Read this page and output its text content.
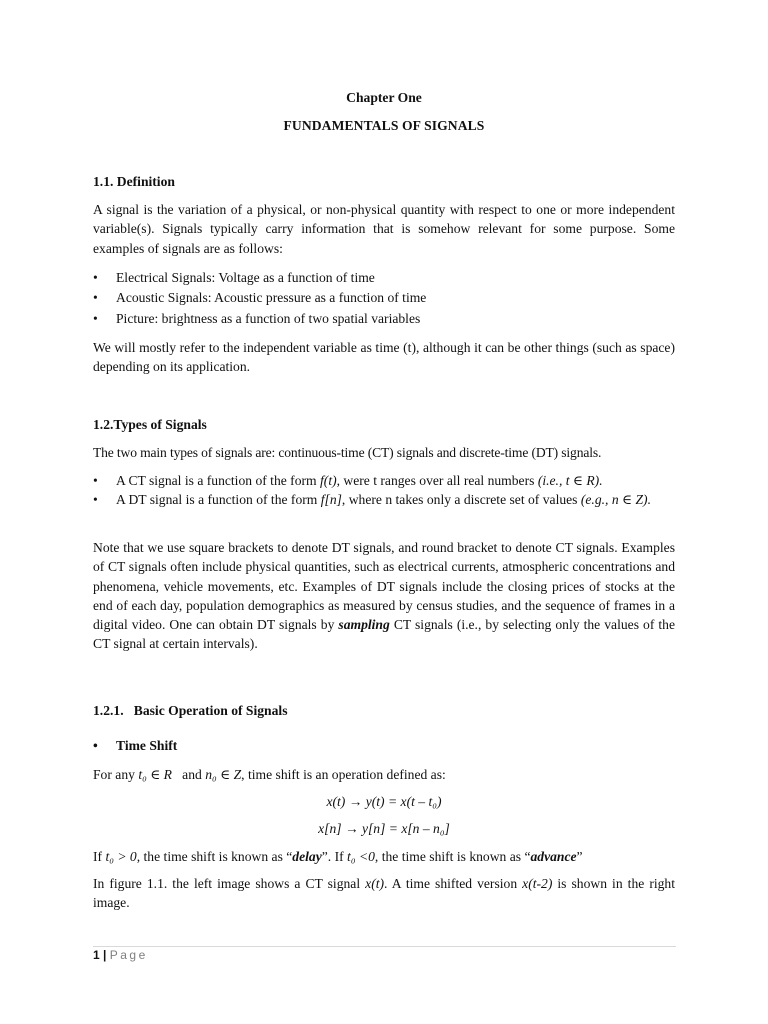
Chapter One
FUNDAMENTALS OF SIGNALS
1.1. Definition
A signal is the variation of a physical, or non-physical quantity with respect to one or more independent variable(s). Signals typically carry information that is somehow relevant for some purpose. Some examples of signals are as follows:
• Electrical Signals: Voltage as a function of time
• Acoustic Signals: Acoustic pressure as a function of time
• Picture: brightness as a function of two spatial variables
We will mostly refer to the independent variable as time (t), although it can be other things (such as space) depending on its application.
1.2.Types of Signals
The two main types of signals are: continuous-time (CT) signals and discrete-time (DT) signals.
• A CT signal is a function of the form f(t), were t ranges over all real numbers (i.e., t ∈ R).
• A DT signal is a function of the form f[n], where n takes only a discrete set of values (e.g., n ∈ Z).
Note that we use square brackets to denote DT signals, and round bracket to denote CT signals. Examples of CT signals often include physical quantities, such as electrical currents, atmospheric concentrations and phenomena, vehicle movements, etc. Examples of DT signals include the closing prices of stocks at the end of each day, population demographics as measured by census studies, and the sequence of frames in a digital video. One can obtain DT signals by sampling CT signals (i.e., by selecting only the values of the CT signal at certain intervals).
1.2.1.   Basic Operation of Signals
• Time Shift
For any t₀ ∈ R   and n₀ ∈ Z, time shift is an operation defined as:
x(t) → y(t) = x(t – t₀)
x[n] → y[n] = x[n – n₀]
If t₀ > 0, the time shift is known as “delay”. If t₀ <0, the time shift is known as “advance”
In figure 1.1. the left image shows a CT signal x(t). A time shifted version x(t-2) is shown in the right image.
1 | Page
